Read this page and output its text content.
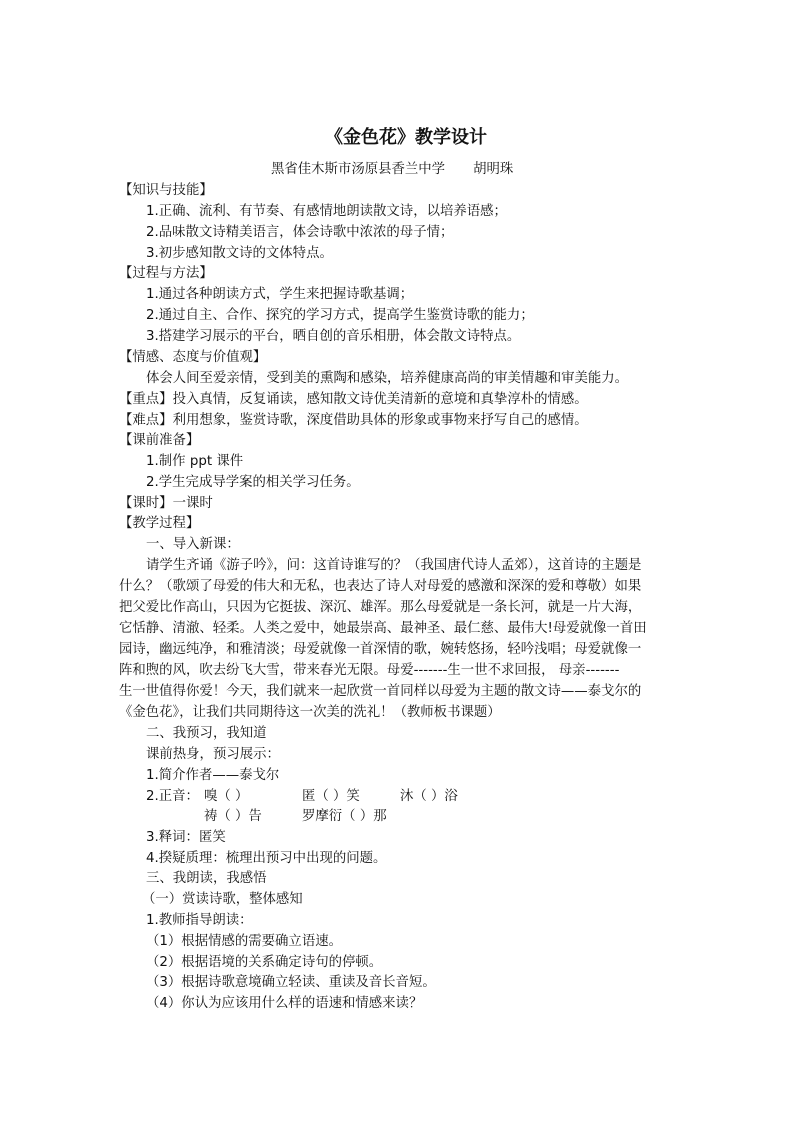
《金色花》教学设计
黑省佳木斯市汤原县香兰中学 胡明珠
【知识与技能】
1.正确、流利、有节奏、有感情地朗读散文诗，以培养语感；
2.品味散文诗精美语言，体会诗歌中浓浓的母子情；
3.初步感知散文诗的文体特点。
【过程与方法】
1.通过各种朗读方式，学生来把握诗歌基调；
2.通过自主、合作、探究的学习方式，提高学生鉴赏诗歌的能力；
3.搭建学习展示的平台，晒自创的音乐相册，体会散文诗特点。
【情感、态度与价值观】
体会人间至爱亲情，受到美的熏陶和感染，培养健康高尚的审美情趣和审美能力。
【重点】投入真情，反复诵读，感知散文诗优美清新的意境和真挚淳朴的情感。
【难点】利用想象，鉴赏诗歌，深度借助具体的形象或事物来抒写自己的感情。
【课前准备】
1.制作 ppt 课件
2.学生完成导学案的相关学习任务。
【课时】一课时
【教学过程】
一、导入新课：
请学生齐诵《游子吟》，问：这首诗谁写的？（我国唐代诗人孟郊），这首诗的主题是
什么？（歌颂了母爱的伟大和无私，也表达了诗人对母爱的感激和深深的爱和尊敬）如果
把父爱比作高山，只因为它挺拔、深沉、雄浑。那么母爱就是一条长河，就是一片大海，
它恬静、清澈、轻柔。人类之爱中，她最崇高、最神圣、最仁慈、最伟大!母爱就像一首田
园诗，幽远纯净，和雅清淡；母爱就像一首深情的歌，婉转悠扬，轻吟浅唱；母爱就像一
阵和煦的风，吹去纷飞大雪，带来春光无限。母爱-------生一世不求回报， 母亲-------
生一世值得你爱！今天，我们就来一起欣赏一首同样以母爱为主题的散文诗——泰戈尔的
《金色花》，让我们共同期待这一次美的洗礼！（教师板书课题）
二、我预习，我知道
课前热身，预习展示：
1.简介作者——泰戈尔
2.正音： 嗅（ ）	匿（ ）笑	沐（ ）浴
祷（ ）告	罗摩衍（ ）那
3.释词：匿笑
4.揆疑质理：梳理出预习中出现的问题。
三、我朗读，我感悟
（一）赏读诗歌，整体感知
1.教师指导朗读：
（1）根据情感的需要确立语速。
（2）根据语境的关系确定诗句的停顿。
（3）根据诗歌意境确立轻读、重读及音长音短。
（4）你认为应该用什么样的语速和情感来读？
